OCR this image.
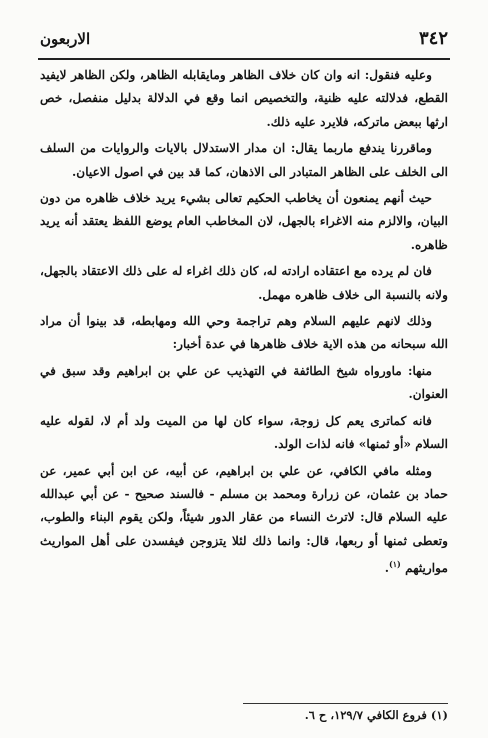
٣٤٢
الاربعون

وعليه فنقول: انه وان كان خلاف الظاهر ومايقابله الظاهر، ولكن الظاهر لايفيد القطع، فدلالته عليه ظنية، والتخصيص انما وقع في الدلالة بدليل منفصل، خص ارثها ببعض ماتركه، فلايرد عليه ذلك.

وماقررنا يندفع ماربما يقال: ان مدار الاستدلال بالايات والروايات من السلف الى الخلف على الظاهر المتبادر الى الاذهان، كما قد بين في اصول الاعيان.

حيث أنهم يمنعون أن يخاطب الحكيم تعالى بشيء يريد خلاف ظاهره من دون البيان، والالزم منه الاغراء بالجهل، لان المخاطب العام يوضع اللفظ يعتقد أنه يريد ظاهره.

فان لم يرده مع اعتقاده ارادته له، كان ذلك اغراء له على ذلك الاعتقاد بالجهل، ولانه بالنسبة الى خلاف ظاهره مهمل.

وذلك لانهم عليهم السلام وهم تراجمة وحي الله ومهابطه، قد بينوا أن مراد الله سبحانه من هذه الاية خلاف ظاهرها في عدة أخبار:

منها: ماورواه شيخ الطائفة في التهذيب عن علي بن ابراهيم وقد سبق في العنوان.

فانه كماترى يعم كل زوجة، سواء كان لها من الميت ولد أم لا، لقوله عليه السلام «أو ثمنها» فانه لذات الولد.

ومثله مافي الكافي، عن علي بن ابراهيم، عن أبيه، عن ابن أبي عمير، عن حماد بن عثمان، عن زرارة ومحمد بن مسلم - فالسند صحيح - عن أبي عبدالله عليه السلام قال: لاترث النساء من عقار الدور شيئاً، ولكن يقوم البناء والطوب، وتعطى ثمنها أو ربعها، قال: وانما ذلك لئلا يتزوجن فيفسدن على أهل المواريث مواريثهم $^{(١)}$.

(١) فروع الكافي ١٢٩/٧، ح ٦.
